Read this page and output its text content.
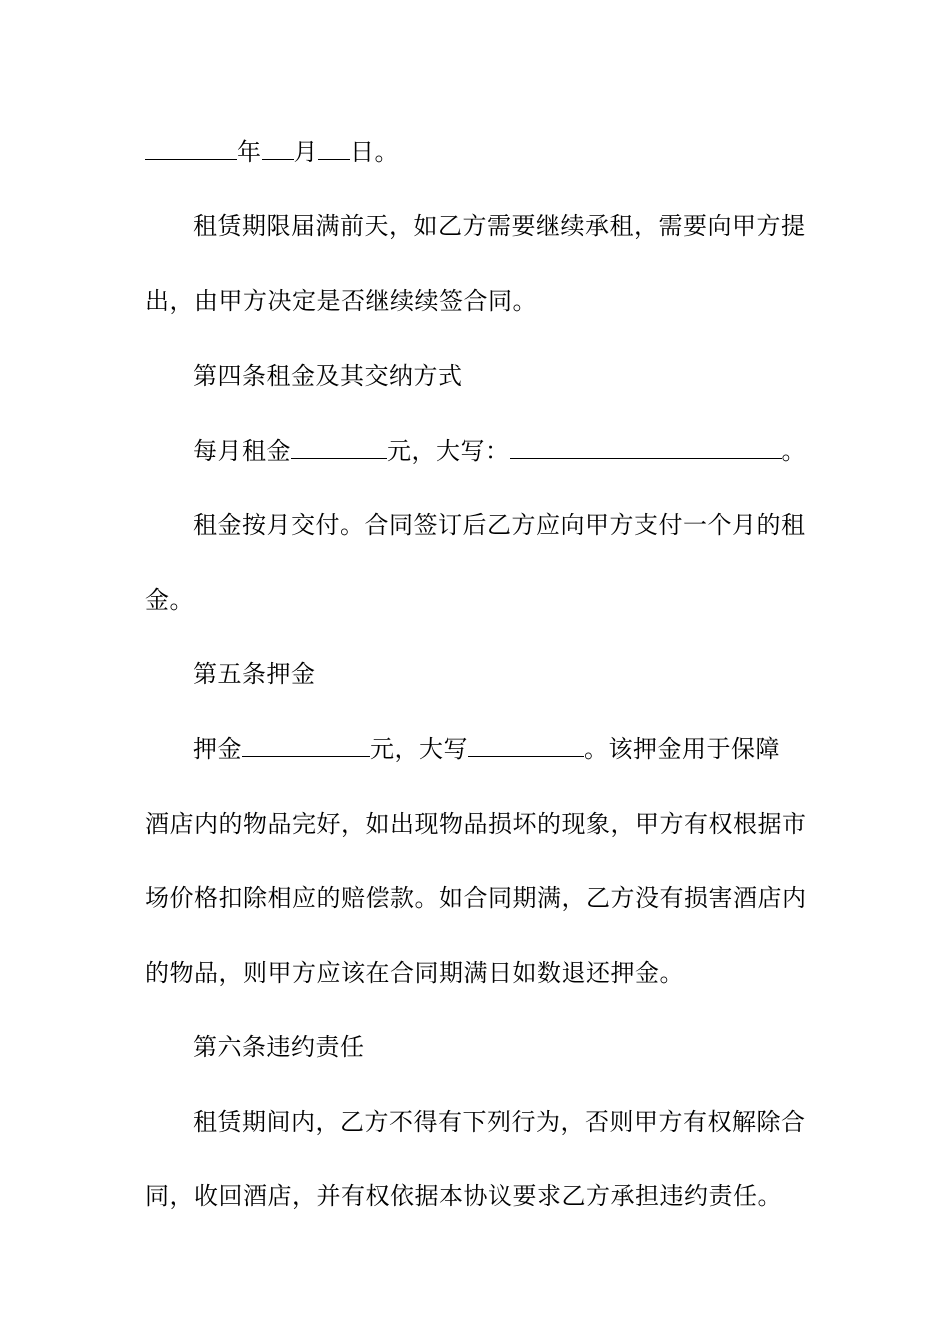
年 月 日。
租赁期限届满前天，如乙方需要继续承租，需要向甲方提
出，由甲方决定是否继续续签合同。
第四条租金及其交纳方式
每月租金	元，大写：	。
租金按月交付。合同签订后乙方应向甲方支付一个月的租
金。
第五条押金
押金	元，大写	。该押金用于保障
酒店内的物品完好，如出现物品损坏的现象，甲方有权根据市
场价格扣除相应的赔偿款。如合同期满，乙方没有损害酒店内
的物品，则甲方应该在合同期满日如数退还押金。
第六条违约责任
租赁期间内，乙方不得有下列行为，否则甲方有权解除合
同，收回酒店，并有权依据本协议要求乙方承担违约责任。
